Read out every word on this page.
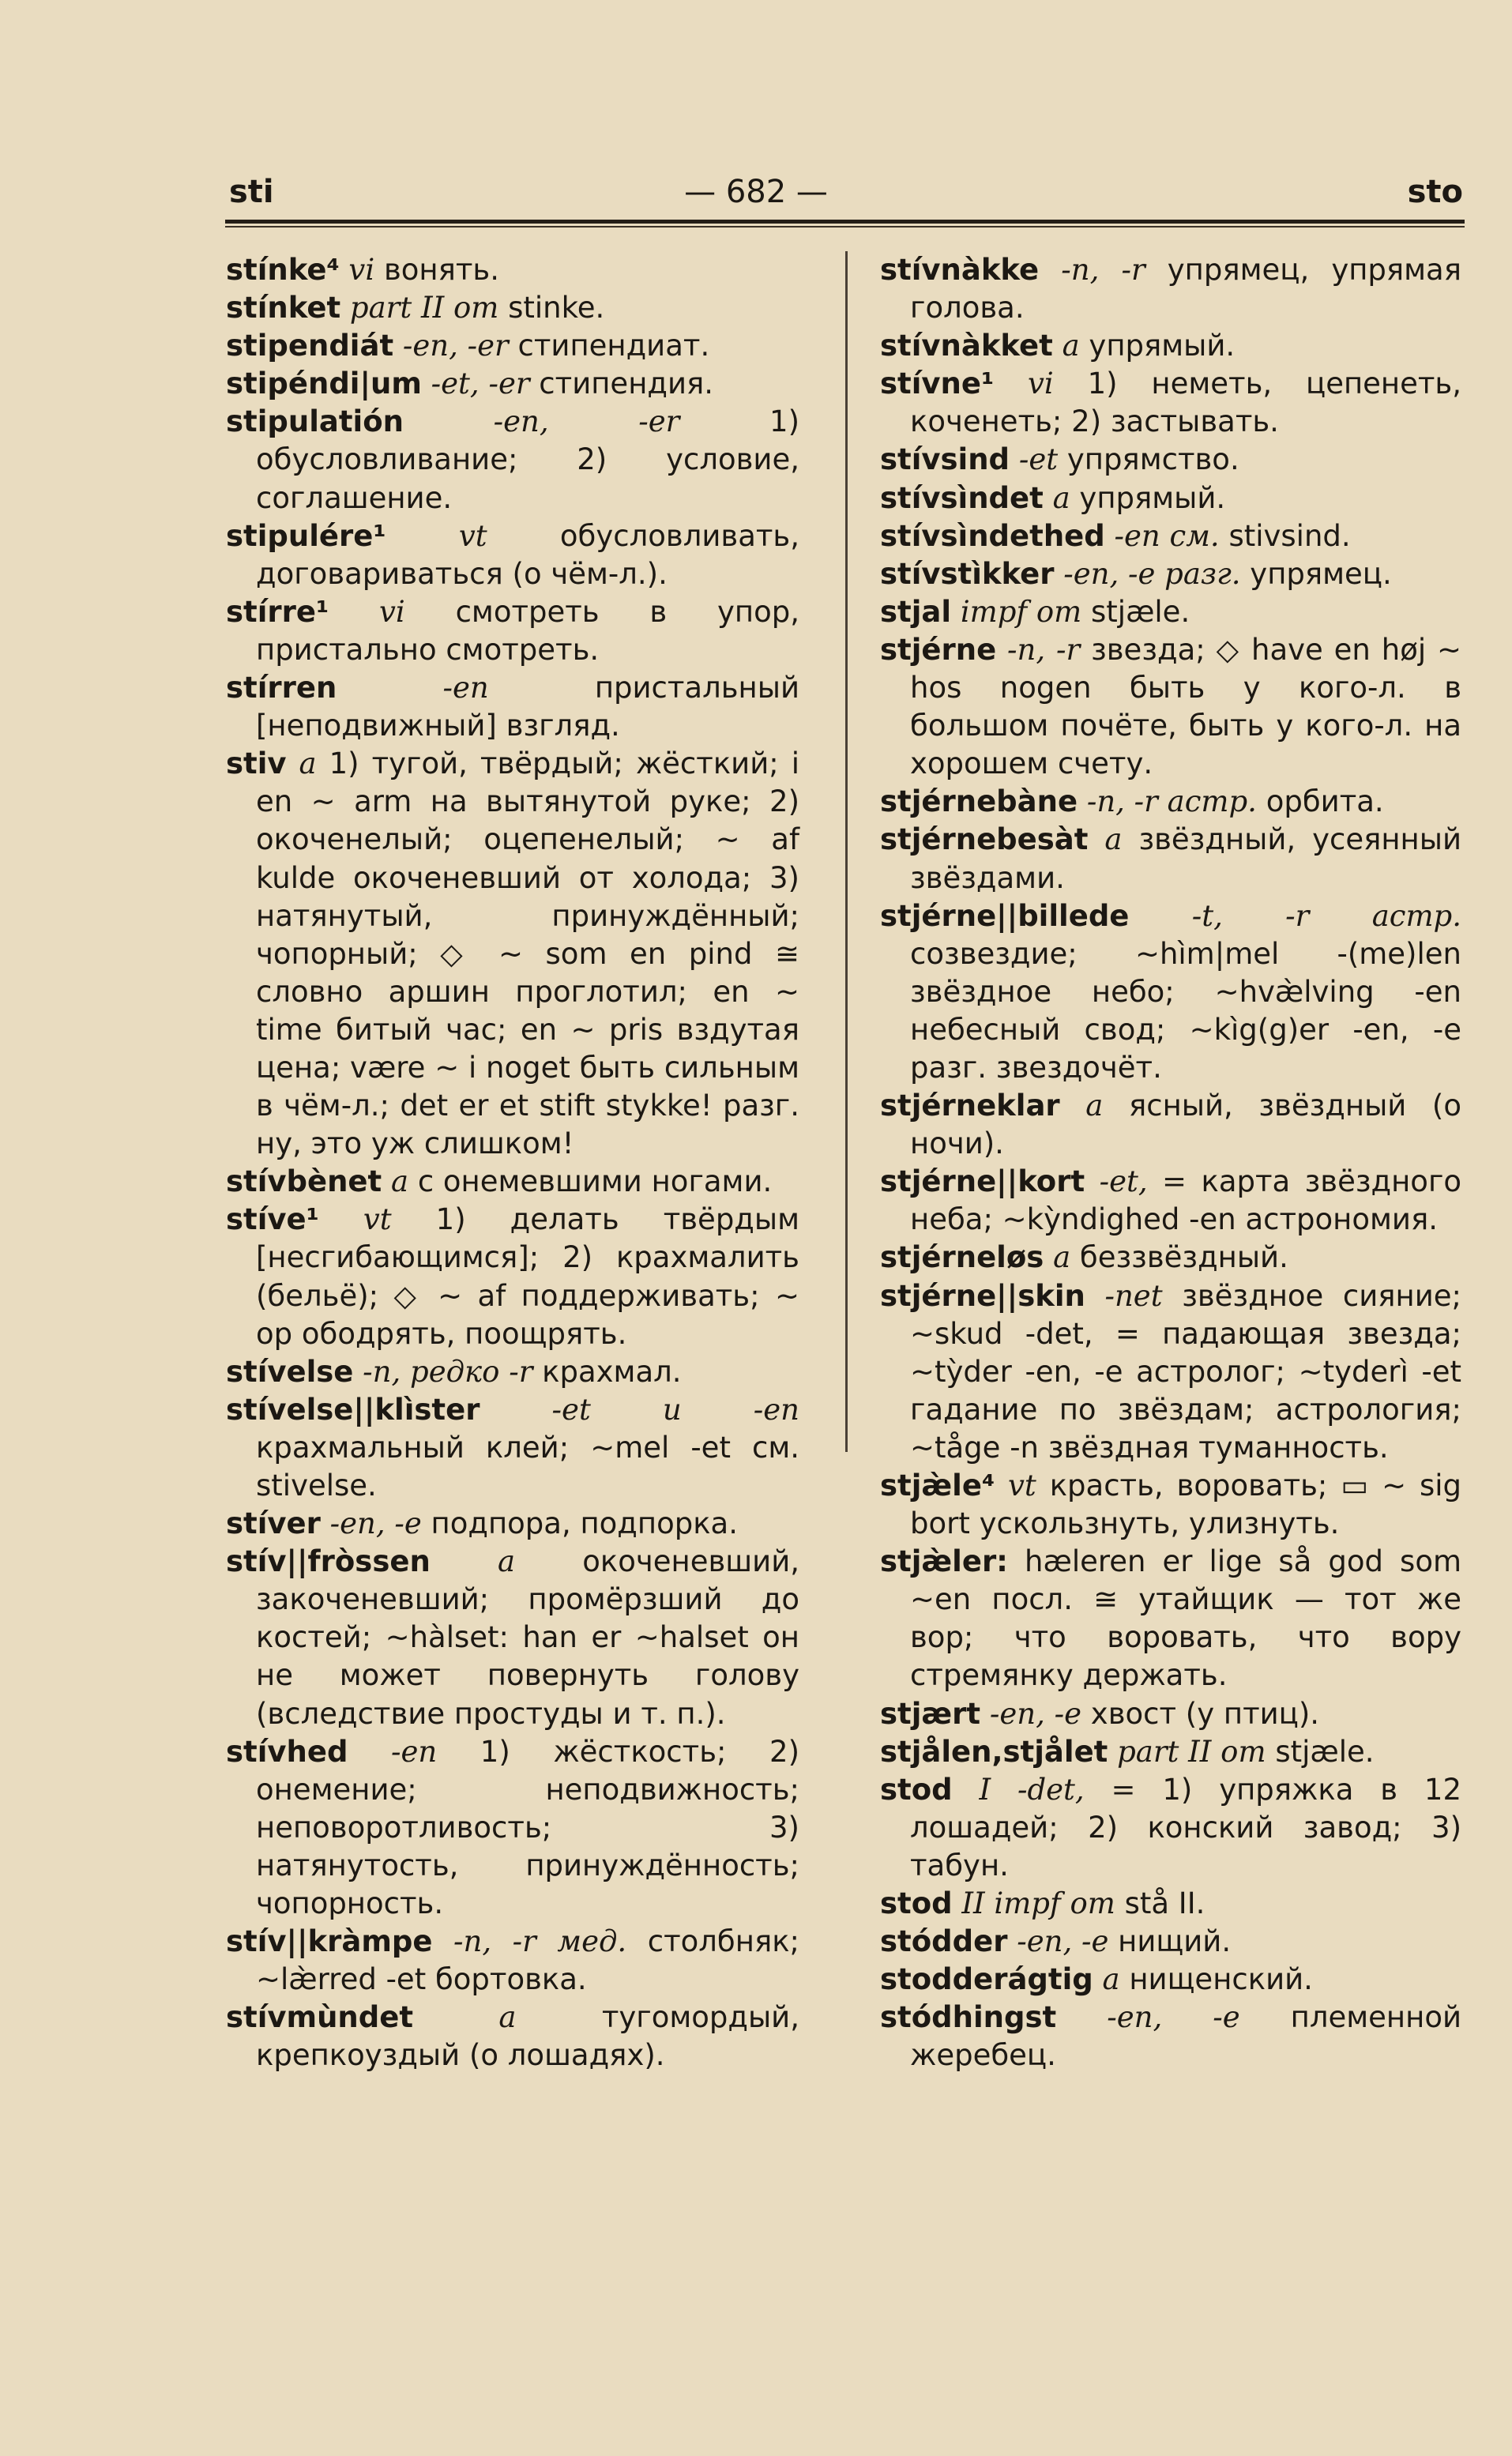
sti	— 682 —	sto

stínke⁴ vi вонять.

stínket part II om stinke.

stipendiát -en, -er стипендиат.

stipéndi|um -et, -er стипендия.

stipulatión	-en, -er	1) обусловливание; 2) условие, соглашение.

stipulére¹ vt обусловливать, договариваться (о чём-л.).

stírre¹ vi смотреть в упор, пристально смотреть.

stírren	-en	пристальный [неподвижный] взгляд.

stiv a 1) тугой, твёрдый; жёсткий; i en ~ arm на вытянутой руке; 2) окоченелый; оцепенелый; ~ af kulde окоченевший от холода; 3) натянутый, принуждённый; чопорный; ◇ ~ som en pind ≅ словно аршин проглотил; en ~ time битый час; en ~ pris вздутая цена; være ~ i noget быть сильным в чём-л.; det er et stift stykke! разг. ну, это уж слишком!

stívbènet a с онемевшими ногами.

stíve¹ vt 1) делать твёрдым [несгибающимся]; 2) крахмалить (бельё); ◇ ~ af поддерживать; ~ op ободрять, поощрять.

stívelse -n, редко -r крахмал.

stívelse||klìster -et и -en крахмальный клей; ~mel -et см. stivelse.

stíver -en, -e подпора, подпорка.

stív||fròssen a окоченевший, закоченевший; промёрзший до костей; ~hàlset: han er ~halset он не может повернуть голову (вследствие простуды и т. п.).

stívhed -en 1) жёсткость; 2) онемение; неподвижность; неповоротливость; 3) натянутость, принуждённость; чопорность.

stív||kràmpe -n, -r мед. столбняк; ~læ̀rred -et бортовка.

stívmùndet	a	тугомордый, крепкоуздый (о лошадях).

stívnàkke -n, -r упрямец, упрямая голова.

stívnàkket a упрямый.

stívne¹ vi 1) неметь, цепенеть, коченеть; 2) застывать.

stívsind -et упрямство.

stívsìndet a упрямый.

stívsìndethed -en см. stivsind.

stívstìkker -en, -e разг. упрямец.

stjal impf om stjæle.

stjérne -n, -r звезда; ◇ have en høj ~ hos nogen быть у кого-л. в большом почёте, быть у кого-л. на хорошем счету.

stjérnebàne -n, -r астр. орбита.

stjérnebesàt a звёздный, усеянный звёздами.

stjérne||billede -t, -r астр. созвездие; ~hìm|mel -(me)len звёздное небо; ~hvæ̀lving -en небесный свод; ~kìg(g)er -en, -e разг. звездочёт.

stjérneklar a ясный, звёздный (о ночи).

stjérne||kort -et, = карта звёздного неба; ~kỳndighed -en астрономия.

stjérneløs a беззвёздный.

stjérne||skin -net звёздное сияние; ~skud -det, = падающая звезда; ~tỳder -en, -e астролог; ~tyderì -et гадание по звёздам; астрология; ~tåge -n звёздная туманность.

stjæ̀le⁴ vt красть, воровать; ▭ ~ sig bort ускользнуть, улизнуть.

stjæ̀ler: hæleren er lige så god som ~en посл. ≅ утайщик — тот же вор; что воровать, что вору стремянку держать.

stjært -en, -e хвост (у птиц).

stjålen,stjålet part II om stjæle.

stod I -det, = 1) упряжка в 12 лошадей; 2) конский завод; 3) табун.

stod II impf om stå II.

stódder -en, -e нищий.

stodderágtig a нищенский.

stódhingst -en, -e племенной жеребец.
